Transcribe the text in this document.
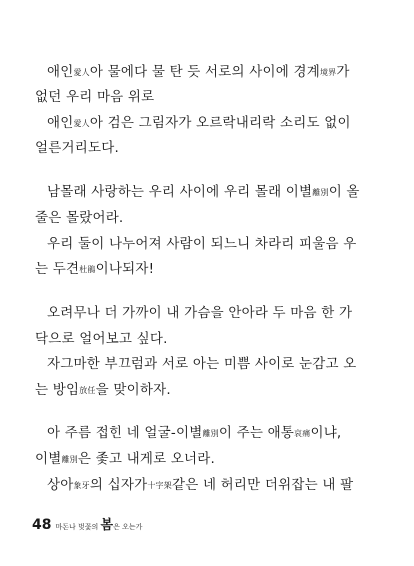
애인愛人아 물에다 물 탄 듯 서로의 사이에 경계境界가
없던 우리 마음 위로
애인愛人아 검은 그림자가 오르락내리락 소리도 없이
얼른거리도다.
남몰래 사랑하는 우리 사이에 우리 몰래 이별離別이 올
줄은 몰랐어라.
우리 둘이 나누어져 사람이 되느니 차라리 피울음 우
는 두견杜鵑이나되자!
오려무나 더 가까이 내 가슴을 안아라 두 마음 한 가
닥으로 얼어보고 싶다.
자그마한 부끄럼과 서로 아는 미쁨 사이로 눈감고 오
는 방임放任을 맞이하자.
아 주름 접힌 네 얼굴-이별離別이 주는 애통哀痛이냐,
이별離別은 좇고 내게로 오너라.
상아象牙의 십자가十字架같은 네 허리만 더위잡는 내 팔
48 마돈나 벚꽃의 봄은 오는가
